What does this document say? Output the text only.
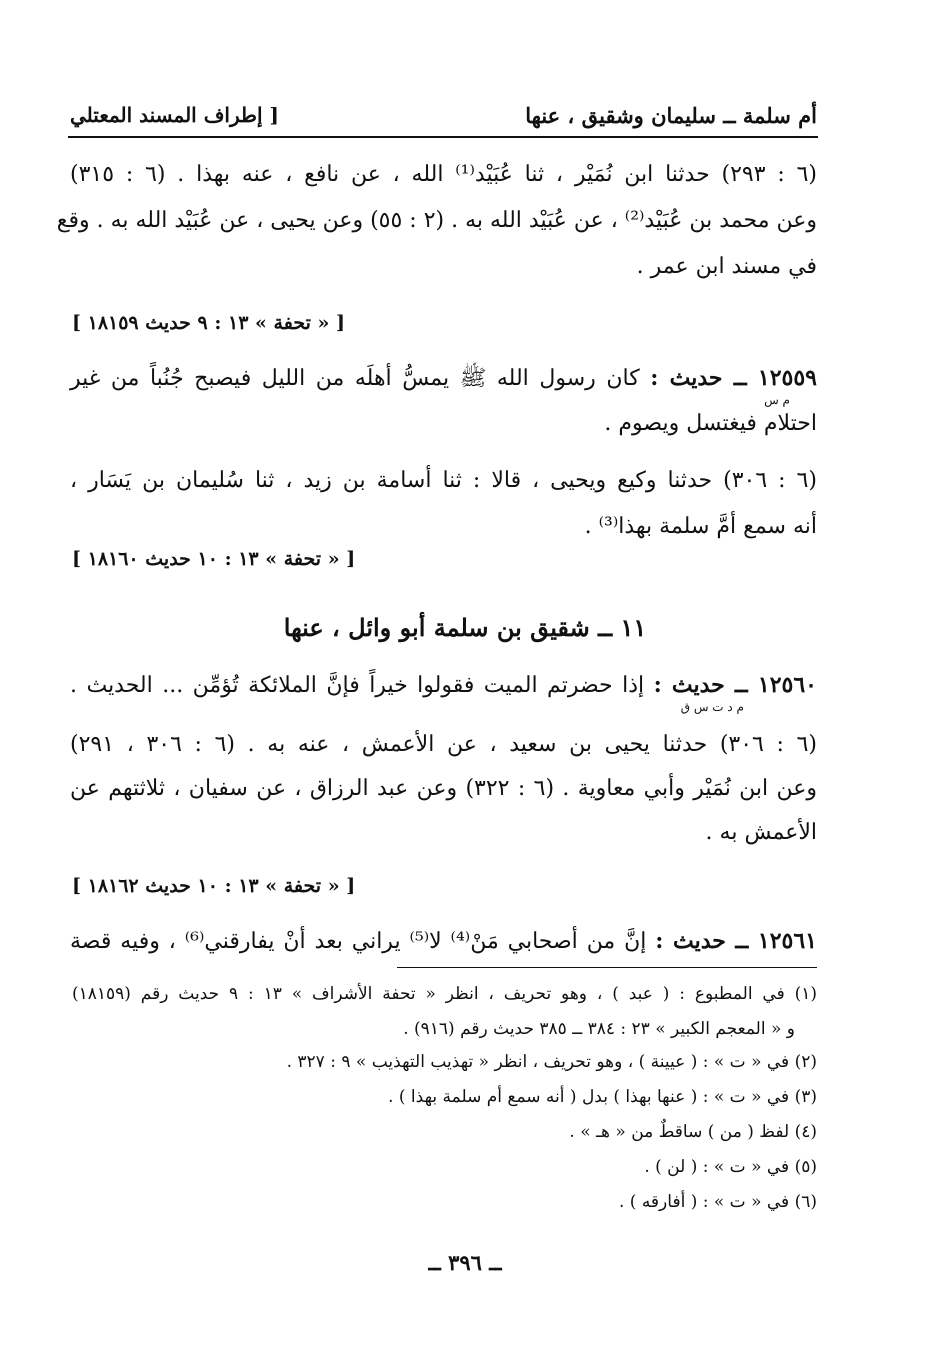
أم سلمة ــ سليمان وشقيق ، عنها
[ إطراف المسند المعتلي
(٦ : ٢٩٣) حدثنا ابن نُمَيْر ، ثنا عُبَيْد⁽¹⁾ الله ، عن نافع ، عنه بهذا . (٦ : ٣١٥)
وعن محمد بن عُبَيْد⁽²⁾ ، عن عُبَيْد الله به . (٢ : ٥٥) وعن يحيى ، عن عُبَيْد الله به . وقع
في مسند ابن عمر .
[ « تحفة » ١٣ : ٩ حديث ١٨١٥٩ ]
١٢٥٥٩ ــ حديث : كان رسول الله ﷺ يمسُّ أهلَه من الليل فيصبح جُنُباً من غير
م س
احتلام فيغتسل ويصوم .
(٦ : ٣٠٦) حدثنا وكيع ويحيى ، قالا : ثنا أسامة بن زيد ، ثنا سُليمان بن يَسَار ،
أنه سمع أمَّ سلمة بهذا⁽³⁾ .
[ « تحفة » ١٣ : ١٠ حديث ١٨١٦٠ ]
١١ ــ شقيق بن سلمة أبو وائل ، عنها
١٢٥٦٠ ــ حديث : إذا حضرتم الميت فقولوا خيراً فإنَّ الملائكة تُؤمِّن ... الحديث .
م د ت س ق
(٦ : ٣٠٦) حدثنا يحيى بن سعيد ، عن الأعمش ، عنه به . (٦ : ٣٠٦ ، ٢٩١)
وعن ابن نُمَيْر وأبي معاوية . (٦ : ٣٢٢) وعن عبد الرزاق ، عن سفيان ، ثلاثتهم عن
الأعمش به .
[ « تحفة » ١٣ : ١٠ حديث ١٨١٦٢ ]
١٢٥٦١ ــ حديث : إنَّ من أصحابي مَنْ⁽⁴⁾ لا⁽⁵⁾ يراني بعد أنْ يفارقني⁽⁶⁾ ، وفيه قصة
(١) في المطبوع : ( عبد ) ، وهو تحريف ، انظر « تحفة الأشراف » ١٣ : ٩ حديث رقم (١٨١٥٩)
و « المعجم الكبير » ٢٣ : ٣٨٤ ــ ٣٨٥ حديث رقم (٩١٦) .
(٢) في « ت » : ( عيينة ) ، وهو تحريف ، انظر « تهذيب التهذيب » ٩ : ٣٢٧ .
(٣) في « ت » : ( عنها بهذا ) بدل ( أنه سمع أم سلمة بهذا ) .
(٤) لفظ ( من ) ساقطٌ من « هـ » .
(٥) في « ت » : ( لن ) .
(٦) في « ت » : ( أفارقه ) .
ــ ٣٩٦ ــ
